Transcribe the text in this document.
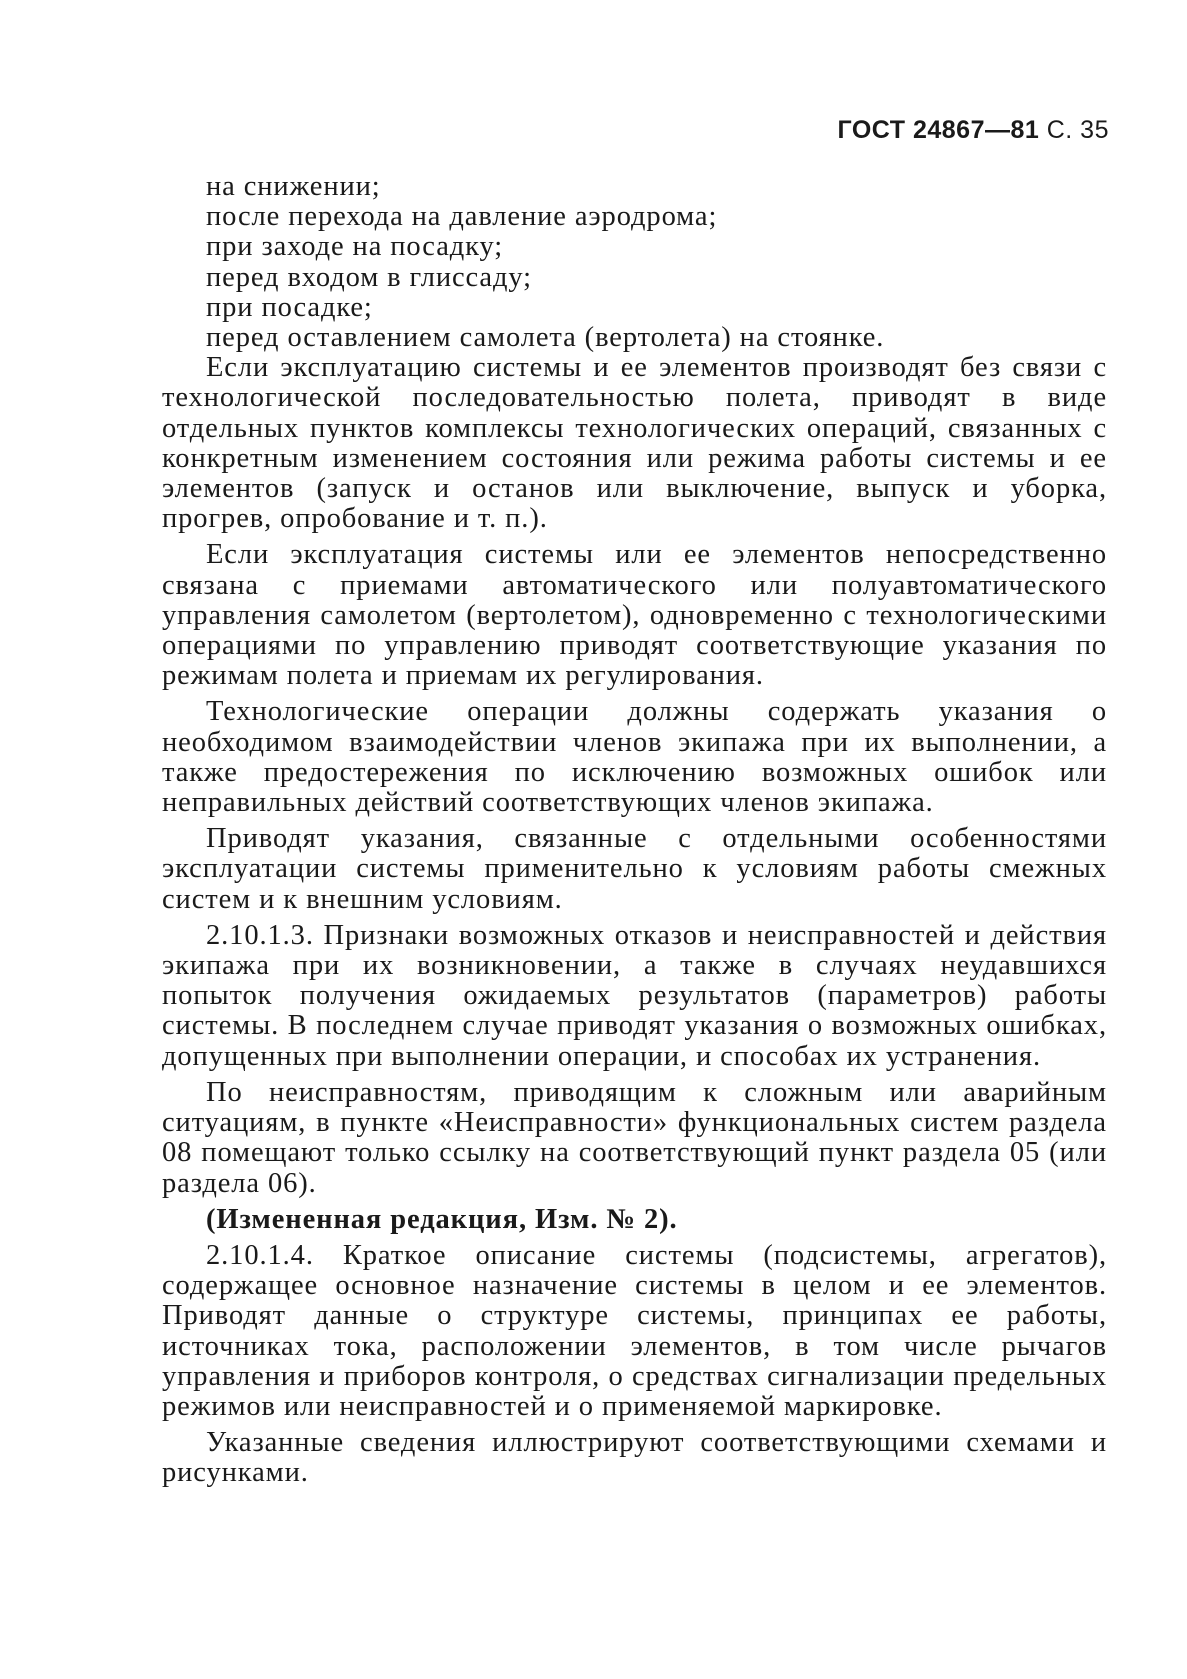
ГОСТ 24867—81 С. 35
на снижении;
после перехода на давление аэродрома;
при заходе на посадку;
перед входом в глиссаду;
при посадке;
перед оставлением самолета (вертолета) на стоянке.
Если эксплуатацию системы и ее элементов производят без связи с технологической последовательностью полета, приводят в виде отдельных пунктов комплексы технологических операций, связанных с конкретным изменением состояния или режима работы системы и ее элементов (запуск и останов или выключение, выпуск и уборка, прогрев, опробование и т. п.).
Если эксплуатация системы или ее элементов непосредственно связана с приемами автоматического или полуавтоматического управления самолетом (вертолетом), одновременно с технологическими операциями по управлению приводят соответствующие указания по режимам полета и приемам их регулирования.
Технологические операции должны содержать указания о необходимом взаимодействии членов экипажа при их выполнении, а также предостережения по исключению возможных ошибок или неправильных действий соответствующих членов экипажа.
Приводят указания, связанные с отдельными особенностями эксплуатации системы применительно к условиям работы смежных систем и к внешним условиям.
2.10.1.3. Признаки возможных отказов и неисправностей и действия экипажа при их возникновении, а также в случаях неудавшихся попыток получения ожидаемых результатов (параметров) работы системы. В последнем случае приводят указания о возможных ошибках, допущенных при выполнении операции, и способах их устранения.
По неисправностям, приводящим к сложным или аварийным ситуациям, в пункте «Неисправности» функциональных систем раздела 08 помещают только ссылку на соответствующий пункт раздела 05 (или раздела 06).
(Измененная редакция, Изм. № 2).
2.10.1.4. Краткое описание системы (подсистемы, агрегатов), содержащее основное назначение системы в целом и ее элементов. Приводят данные о структуре системы, принципах ее работы, источниках тока, расположении элементов, в том числе рычагов управления и приборов контроля, о средствах сигнализации предельных режимов или неисправностей и о применяемой маркировке.
Указанные сведения иллюстрируют соответствующими схемами и рисунками.
